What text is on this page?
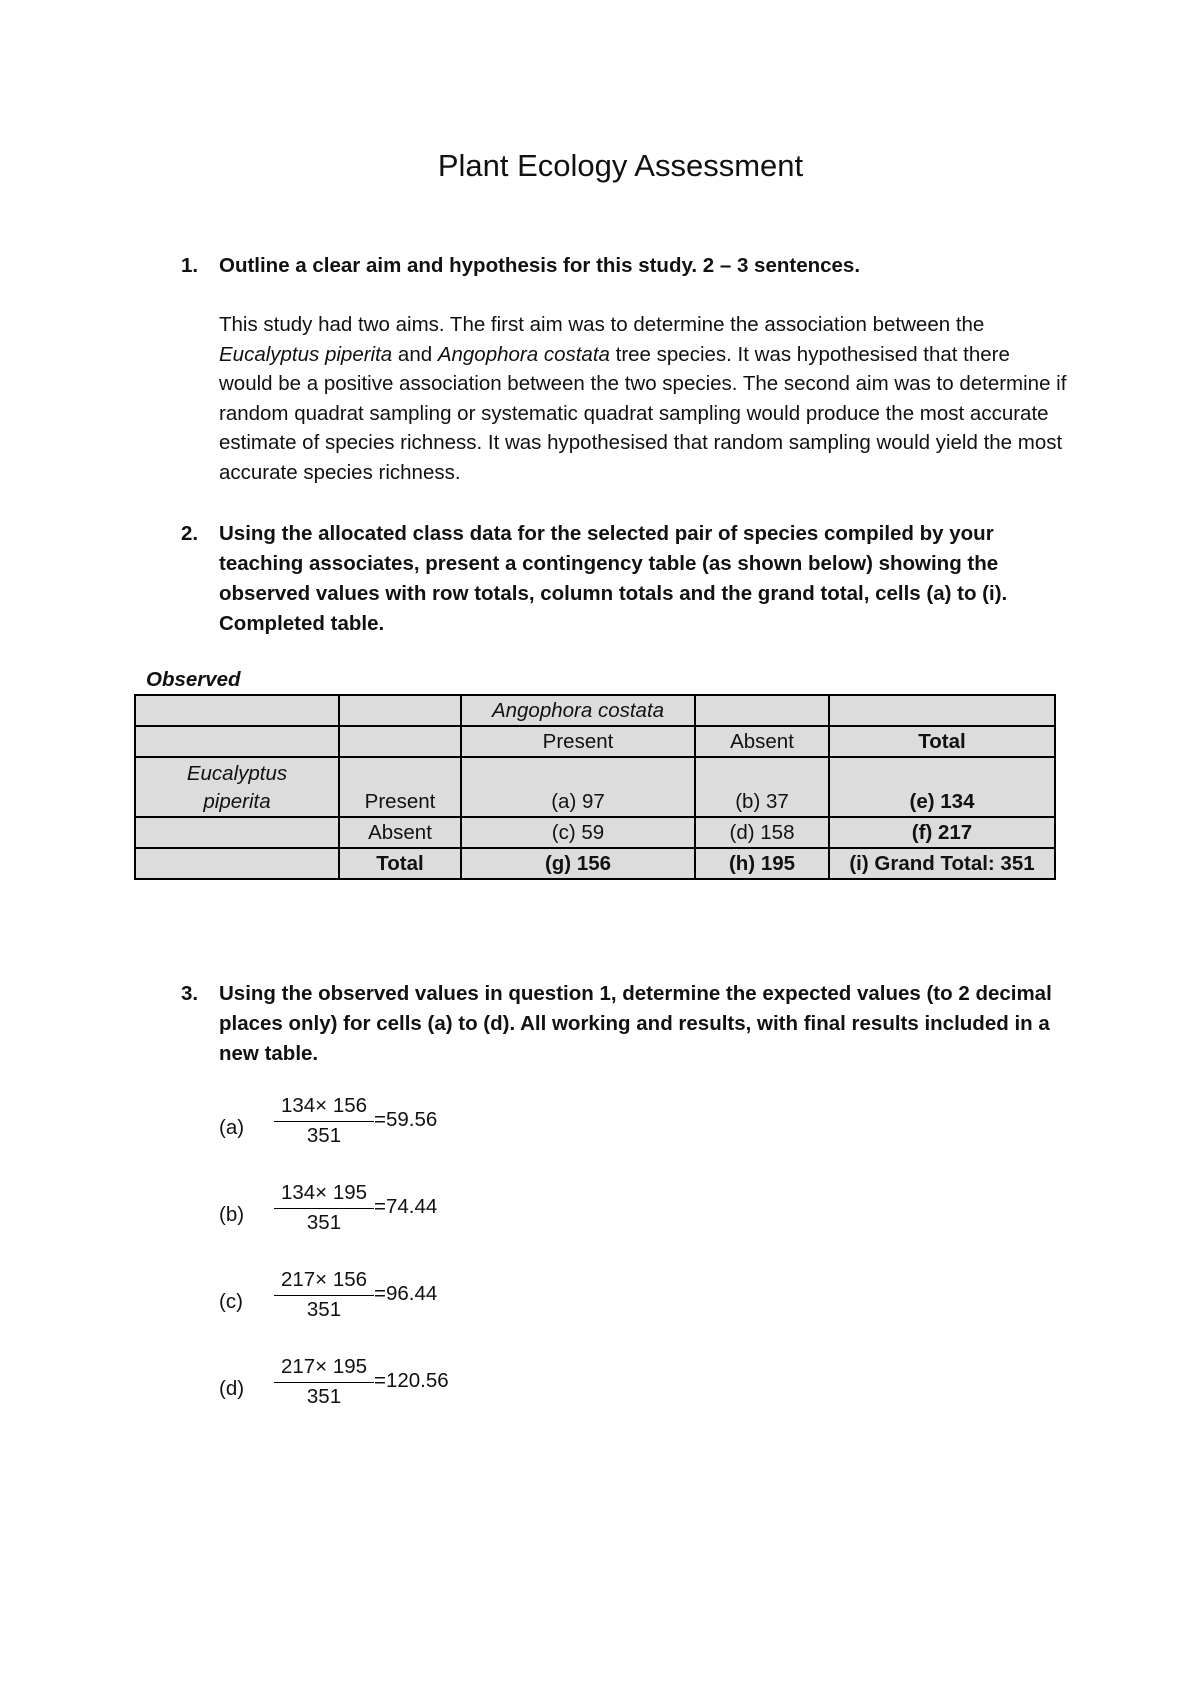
Plant Ecology Assessment
1. Outline a clear aim and hypothesis for this study. 2 – 3 sentences.
This study had two aims. The first aim was to determine the association between the Eucalyptus piperita and Angophora costata tree species. It was hypothesised that there would be a positive association between the two species. The second aim was to determine if random quadrat sampling or systematic quadrat sampling would produce the most accurate estimate of species richness. It was hypothesised that random sampling would yield the most accurate species richness.
2. Using the allocated class data for the selected pair of species compiled by your teaching associates, present a contingency table (as shown below) showing the observed values with row totals, column totals and the grand total, cells (a) to (i). Completed table.
Observed
		Angophora costata		
		Present	Absent	Total
Eucalyptus piperita	Present	(a) 97	(b) 37	(e) 134
	Absent	(c) 59	(d) 158	(f) 217
	Total	(g) 156	(h) 195	(i) Grand Total: 351
3. Using the observed values in question 1, determine the expected values (to 2 decimal places only) for cells (a) to (d). All working and results, with final results included in a new table.
$(a) \frac{134\times 156}{351} =59.56$
$(b) \frac{134\times 195}{351} =74.44$
$(c) \frac{217\times 156}{351} =96.44$
$(d) \frac{217\times 195}{351} =120.56$
